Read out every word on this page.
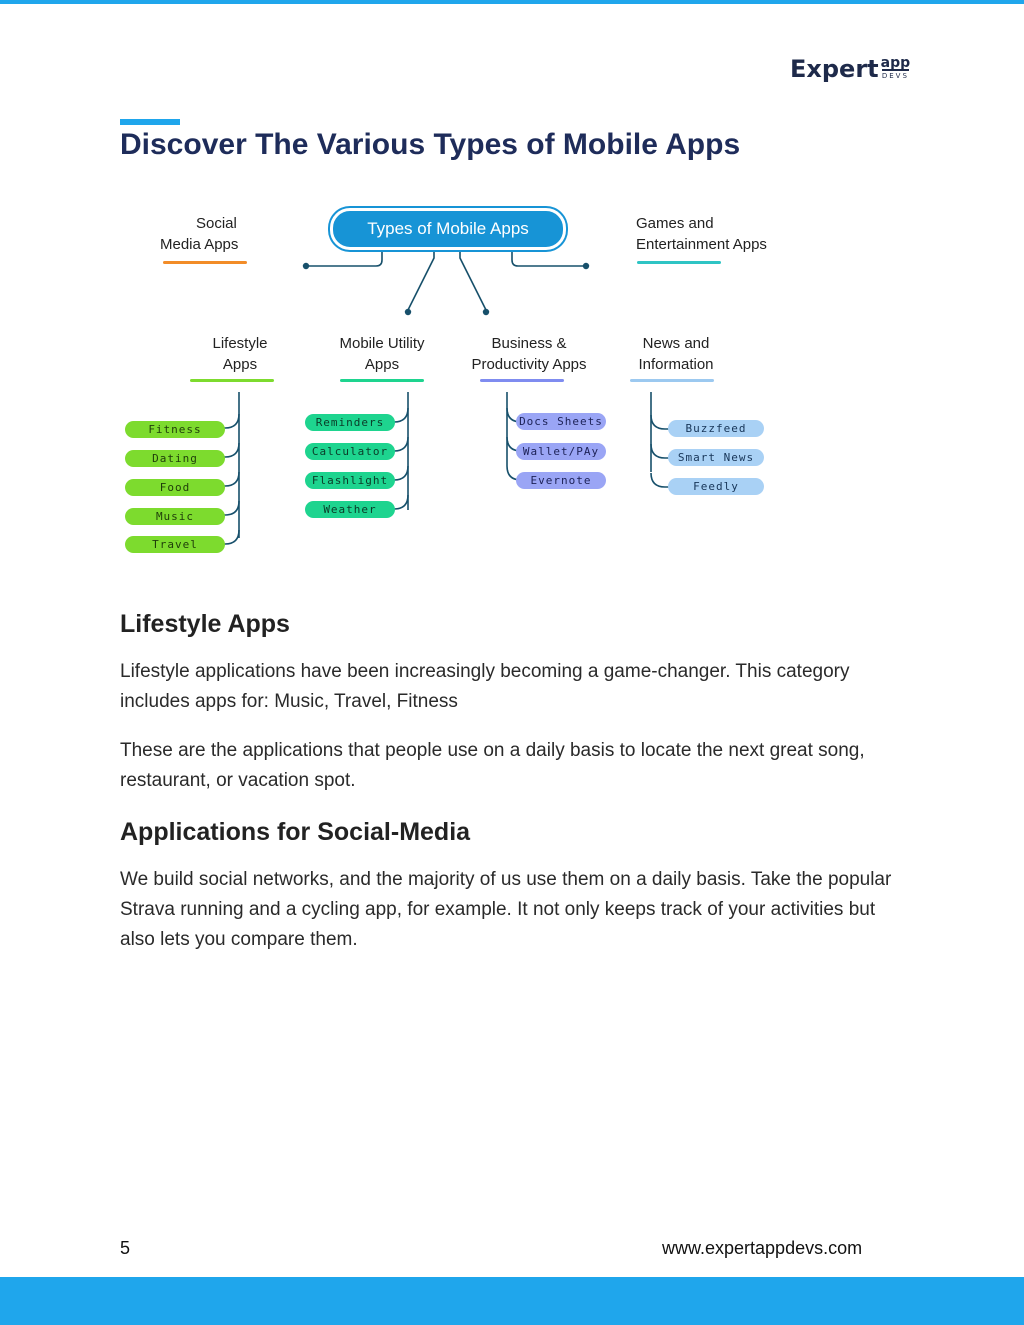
Expert app
DEVS
Discover The Various Types of Mobile Apps
Types of Mobile Apps
Social
Media Apps
Games and
Entertainment Apps
Lifestyle
Apps
Mobile Utility
Apps
Business &
Productivity Apps
News and
Information
Fitness
Dating
Food
Music
Travel
Reminders
Calculator
Flashlight
Weather
Docs Sheets
Wallet/PAy
Evernote
Buzzfeed
Smart News
Feedly
Lifestyle Apps

Lifestyle applications have been increasingly becoming a game-changer. This category includes apps for: Music, Travel, Fitness

These are the applications that people use on a daily basis to locate the next great song, restaurant, or vacation spot.

Applications for Social-Media

We build social networks, and the majority of us use them on a daily basis. Take the popular Strava running and a cycling app, for example. It not only keeps track of your activities but also lets you compare them.

5	www.expertappdevs.com
